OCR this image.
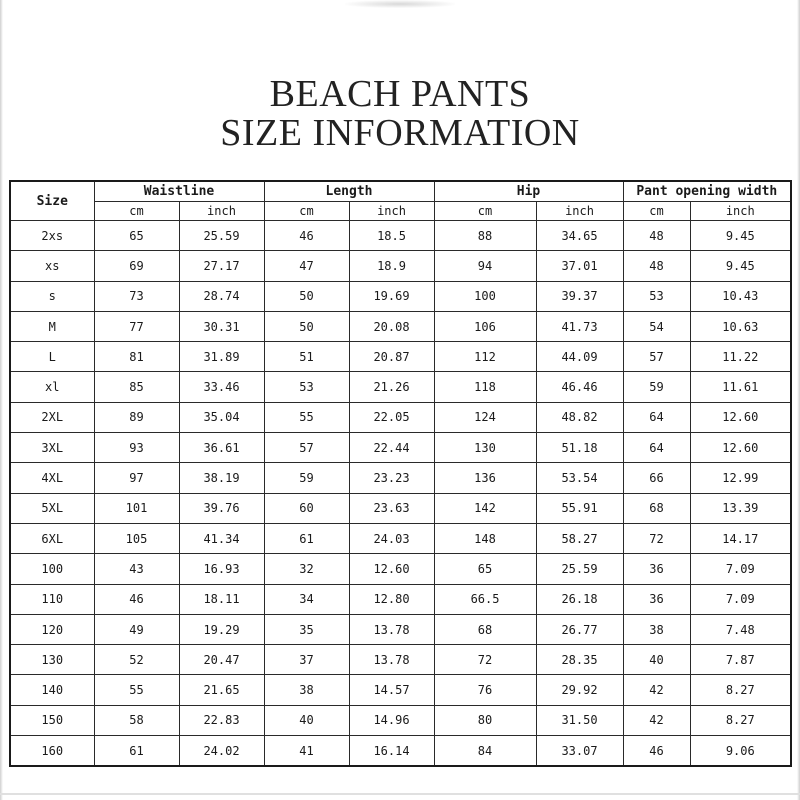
BEACH PANTS
SIZE INFORMATION
Size	Waistline		Length		Hip		Pant opening width	
	cm	inch	cm	inch	cm	inch	cm	inch
2xs	65	25.59	46	18.5	88	34.65	48	9.45
xs	69	27.17	47	18.9	94	37.01	48	9.45
s	73	28.74	50	19.69	100	39.37	53	10.43
M	77	30.31	50	20.08	106	41.73	54	10.63
L	81	31.89	51	20.87	112	44.09	57	11.22
xl	85	33.46	53	21.26	118	46.46	59	11.61
2XL	89	35.04	55	22.05	124	48.82	64	12.60
3XL	93	36.61	57	22.44	130	51.18	64	12.60
4XL	97	38.19	59	23.23	136	53.54	66	12.99
5XL	101	39.76	60	23.63	142	55.91	68	13.39
6XL	105	41.34	61	24.03	148	58.27	72	14.17
100	43	16.93	32	12.60	65	25.59	36	7.09
110	46	18.11	34	12.80	66.5	26.18	36	7.09
120	49	19.29	35	13.78	68	26.77	38	7.48
130	52	20.47	37	13.78	72	28.35	40	7.87
140	55	21.65	38	14.57	76	29.92	42	8.27
150	58	22.83	40	14.96	80	31.50	42	8.27
160	61	24.02	41	16.14	84	33.07	46	9.06
